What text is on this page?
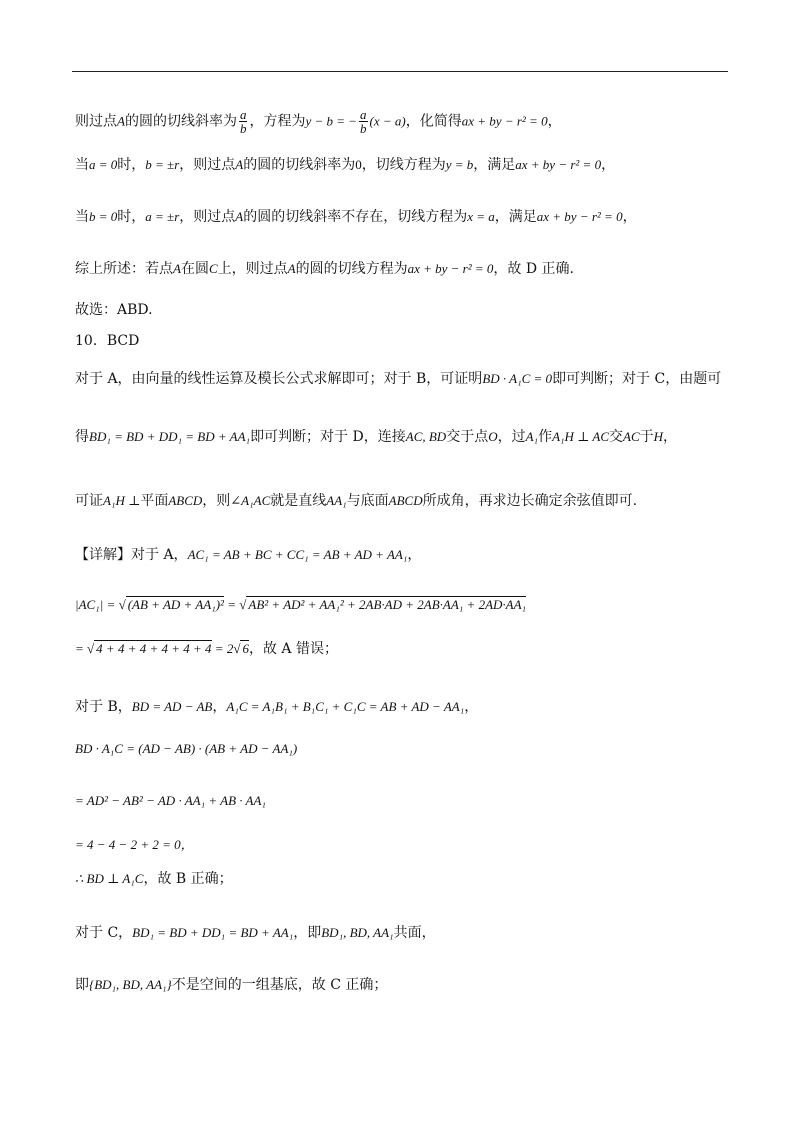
则过点A的圆的切线斜率为 $\frac{a}{b}$ ，方程为y − b = − $\frac{a}{b} (x - a)$，化简得ax + by − r² = 0，
当a = 0时，b = ±r，则过点A的圆的切线斜率为0，切线方程为y = b，满足ax + by − r² = 0，
当b = 0时，a = ±r，则过点A的圆的切线斜率不存在，切线方程为x = a，满足ax + by − r² = 0，
综上所述：若点A在圆C上，则过点A的圆的切线方程为ax + by − r² = 0，故 D 正确.
故选：ABD.
10．BCD
对于 A，由向量的线性运算及模长公式求解即可；对于 B，可证明BD · A₁C = 0即可判断；对于 C，由题可
得BD₁ = BD + DD₁ = BD + AA₁即可判断；对于 D，连接AC, BD交于点O，过A₁作A₁H ⊥ AC交AC于H，
可证A₁H ⊥平面ABCD，则∠A₁AC就是直线AA₁与底面ABCD所成角，再求边长确定余弦值即可.
【详解】对于 A，AC₁ = AB + BC + CC₁ = AB + AD + AA₁，
|AC₁| = √ (AB + AD + AA₁)² = √ AB² + AD² + AA₁² + 2AB·AD + 2AB·AA₁ + 2AD·AA₁
= √ 4 + 4 + 4 + 4 + 4 + 4 = 2√ 6，故 A 错误；
对于 B，BD = AD − AB，A₁C = A₁B₁ + B₁C₁ + C₁C = AB + AD − AA₁，
BD · A₁C = (AD − AB) · (AB + AD − AA₁)
= AD² − AB² − AD · AA₁ + AB · AA₁
= 4 − 4 − 2 + 2 = 0，
∴ BD ⊥ A₁C，故 B 正确；
对于 C，BD₁ = BD + DD₁ = BD + AA₁，即BD₁, BD, AA₁共面，
即{BD₁, BD, AA₁}不是空间的一组基底，故 C 正确；
